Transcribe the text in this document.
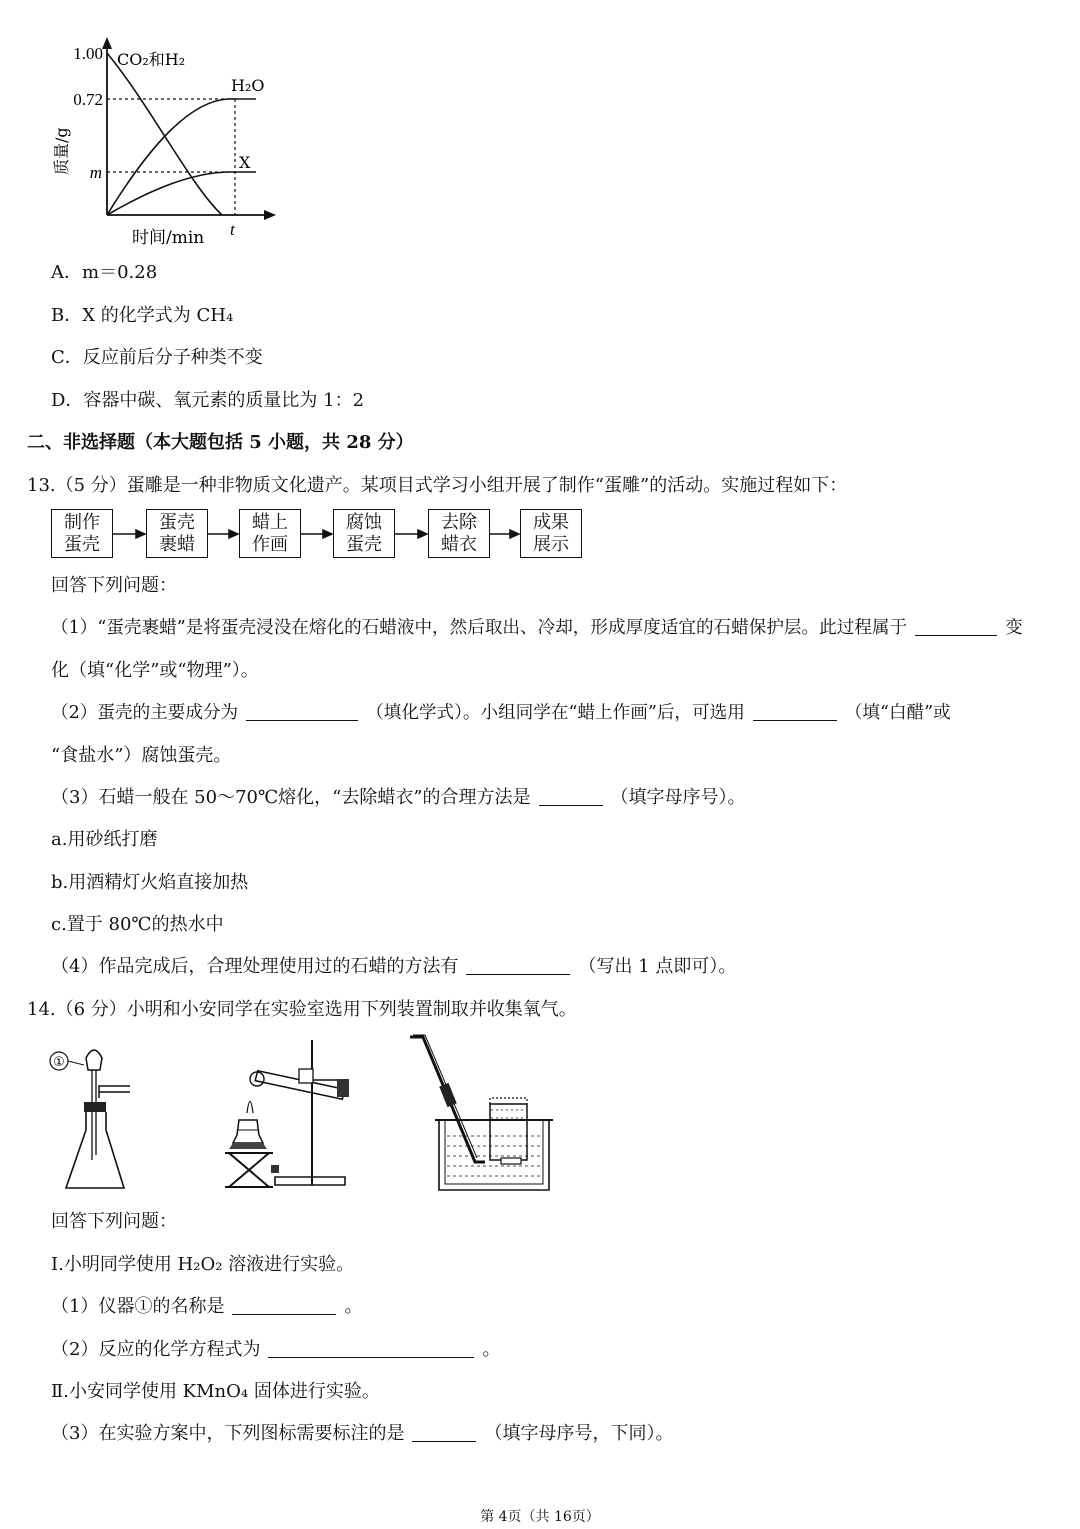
1.00
0.72
m
t
CO₂和H₂
H₂O
X
时间/min
质量/g
A．m＝0.28
B．X 的化学式为 CH₄
C．反应前后分子种类不变
D．容器中碳、氧元素的质量比为 1：2
二、非选择题（本大题包括 5 小题，共 28 分）
13.（5 分）蛋雕是一种非物质文化遗产。某项目式学习小组开展了制作“蛋雕”的活动。实施过程如下：
制作
蛋壳
蛋壳
裹蜡
蜡上
作画
腐蚀
蛋壳
去除
蜡衣
成果
展示
回答下列问题：
（1）“蛋壳裹蜡”是将蛋壳浸没在熔化的石蜡液中，然后取出、冷却，形成厚度适宜的石蜡保护层。此过程属于	变
化（填“化学”或“物理”）。
（2）蛋壳的主要成分为	（填化学式）。小组同学在“蜡上作画”后，可选用	（填“白醋”或
“食盐水”）腐蚀蛋壳。
（3）石蜡一般在 50～70℃熔化，“去除蜡衣”的合理方法是	（填字母序号）。
a.用砂纸打磨
b.用酒精灯火焰直接加热
c.置于 80℃的热水中
（4）作品完成后，合理处理使用过的石蜡的方法有	（写出 1 点即可）。
14.（6 分）小明和小安同学在实验室选用下列装置制取并收集氧气。
①
回答下列问题：
Ⅰ.小明同学使用 H₂O₂ 溶液进行实验。
（1）仪器①的名称是	。
（2）反应的化学方程式为	。
Ⅱ.小安同学使用 KMnO₄ 固体进行实验。
（3）在实验方案中，下列图标需要标注的是	（填字母序号，下同）。
第 4页（共 16页）
